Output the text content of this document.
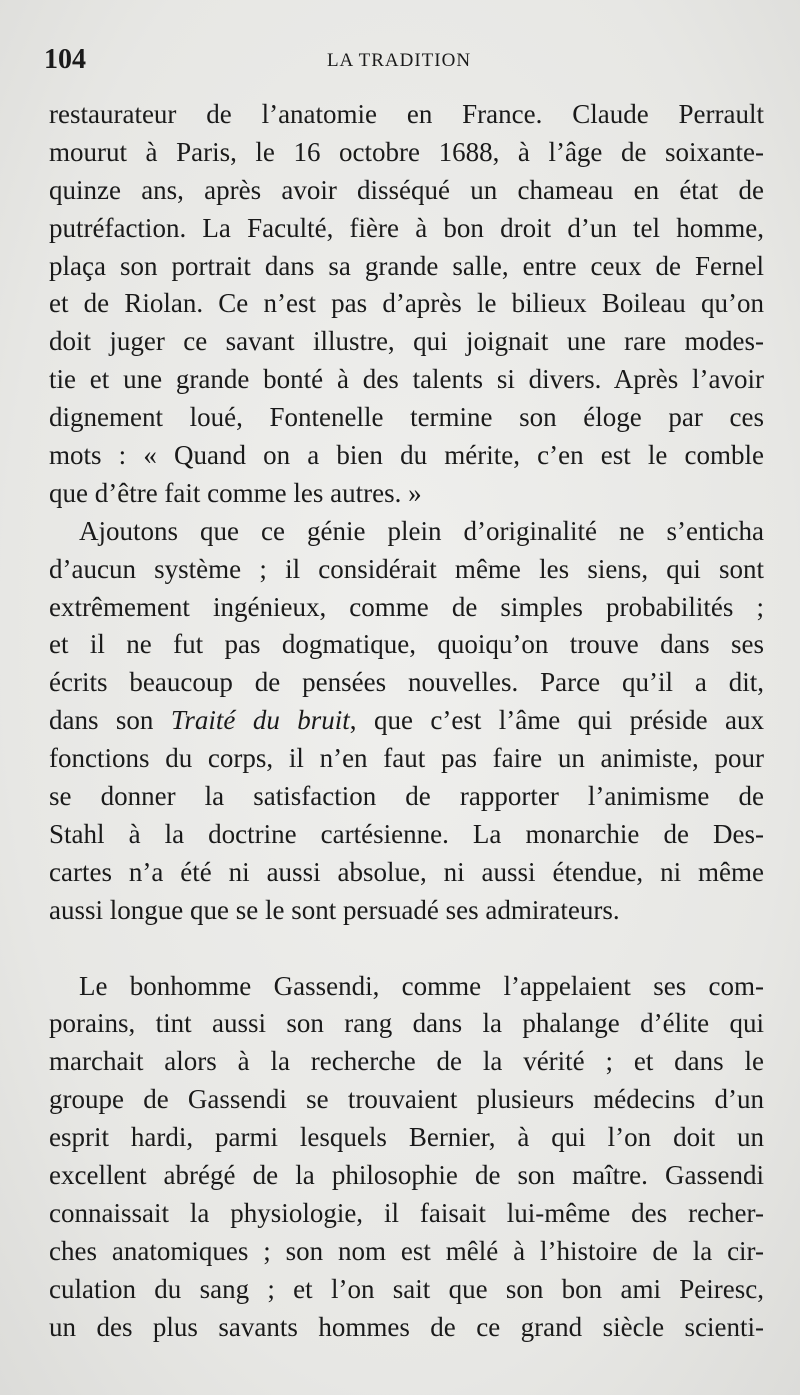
104	LA TRADITION
restaurateur de l’anatomie en France. Claude Perrault
mourut à Paris, le 16 octobre 1688, à l’âge de soixante-
quinze ans, après avoir disséqué un chameau en état de
putréfaction. La Faculté, fière à bon droit d’un tel homme,
plaça son portrait dans sa grande salle, entre ceux de Fernel
et de Riolan. Ce n’est pas d’après le bilieux Boileau qu’on
doit juger ce savant illustre, qui joignait une rare modes-
tie et une grande bonté à des talents si divers. Après l’avoir
dignement loué, Fontenelle termine son éloge par ces
mots : « Quand on a bien du mérite, c’en est le comble
que d’être fait comme les autres. »
Ajoutons que ce génie plein d’originalité ne s’enticha
d’aucun système ; il considérait même les siens, qui sont
extrêmement ingénieux, comme de simples probabilités ;
et il ne fut pas dogmatique, quoiqu’on trouve dans ses
écrits beaucoup de pensées nouvelles. Parce qu’il a dit,
dans son Traité du bruit, que c’est l’âme qui préside aux
fonctions du corps, il n’en faut pas faire un animiste, pour
se donner la satisfaction de rapporter l’animisme de
Stahl à la doctrine cartésienne. La monarchie de Des-
cartes n’a été ni aussi absolue, ni aussi étendue, ni même
aussi longue que se le sont persuadé ses admirateurs.
Le bonhomme Gassendi, comme l’appelaient ses com-
porains, tint aussi son rang dans la phalange d’élite qui
marchait alors à la recherche de la vérité ; et dans le
groupe de Gassendi se trouvaient plusieurs médecins d’un
esprit hardi, parmi lesquels Bernier, à qui l’on doit un
excellent abrégé de la philosophie de son maître. Gassendi
connaissait la physiologie, il faisait lui-même des recher-
ches anatomiques ; son nom est mêlé à l’histoire de la cir-
culation du sang ; et l’on sait que son bon ami Peiresc,
un des plus savants hommes de ce grand siècle scienti-
